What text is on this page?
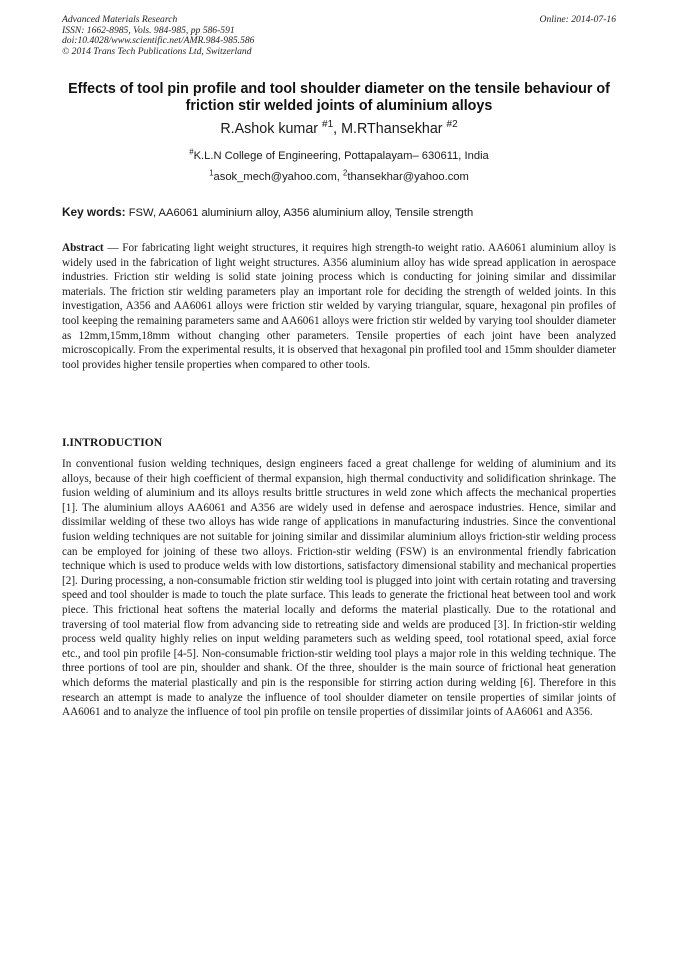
Advanced Materials Research
ISSN: 1662-8985, Vols. 984-985, pp 586-591
doi:10.4028/www.scientific.net/AMR.984-985.586
© 2014 Trans Tech Publications Ltd, Switzerland
Online: 2014-07-16
Effects of tool pin profile and tool shoulder diameter on the tensile behaviour of friction stir welded joints of aluminium alloys
R.Ashok kumar $^{\#1}$, M.RThansekhar $^{\#2}$
#K.L.N College of Engineering, Pottapalayam– 630611, India
$^1$asok_mech@yahoo.com, $^2$thansekhar@yahoo.com
Key words: FSW, AA6061 aluminium alloy, A356 aluminium alloy, Tensile strength
Abstract — For fabricating light weight structures, it requires high strength-to weight ratio. AA6061 aluminium alloy is widely used in the fabrication of light weight structures. A356 aluminium alloy has wide spread application in aerospace industries. Friction stir welding is solid state joining process which is conducting for joining similar and dissimilar materials. The friction stir welding parameters play an important role for deciding the strength of welded joints. In this investigation, A356 and AA6061 alloys were friction stir welded by varying triangular, square, hexagonal pin profiles of tool keeping the remaining parameters same and AA6061 alloys were friction stir welded by varying tool shoulder diameter as 12mm,15mm,18mm without changing other parameters. Tensile properties of each joint have been analyzed microscopically. From the experimental results, it is observed that hexagonal pin profiled tool and 15mm shoulder diameter tool provides higher tensile properties when compared to other tools.
I.INTRODUCTION
In conventional fusion welding techniques, design engineers faced a great challenge for welding of aluminium and its alloys, because of their high coefficient of thermal expansion, high thermal conductivity and solidification shrinkage. The fusion welding of aluminium and its alloys results brittle structures in weld zone which affects the mechanical properties [1]. The aluminium alloys AA6061 and A356 are widely used in defense and aerospace industries. Hence, similar and dissimilar welding of these two alloys has wide range of applications in manufacturing industries. Since the conventional fusion welding techniques are not suitable for joining similar and dissimilar aluminium alloys friction-stir welding process can be employed for joining of these two alloys. Friction-stir welding (FSW) is an environmental friendly fabrication technique which is used to produce welds with low distortions, satisfactory dimensional stability and mechanical properties [2]. During processing, a non-consumable friction stir welding tool is plugged into joint with certain rotating and traversing speed and tool shoulder is made to touch the plate surface. This leads to generate the frictional heat between tool and work piece. This frictional heat softens the material locally and deforms the material plastically. Due to the rotational and traversing of tool material flow from advancing side to retreating side and welds are produced [3]. In friction-stir welding process weld quality highly relies on input welding parameters such as welding speed, tool rotational speed, axial force etc., and tool pin profile [4-5]. Non-consumable friction-stir welding tool plays a major role in this welding technique. The three portions of tool are pin, shoulder and shank. Of the three, shoulder is the main source of frictional heat generation which deforms the material plastically and pin is the responsible for stirring action during welding [6]. Therefore in this research an attempt is made to analyze the influence of tool shoulder diameter on tensile properties of similar joints of AA6061 and to analyze the influence of tool pin profile on tensile properties of dissimilar joints of AA6061 and A356.
